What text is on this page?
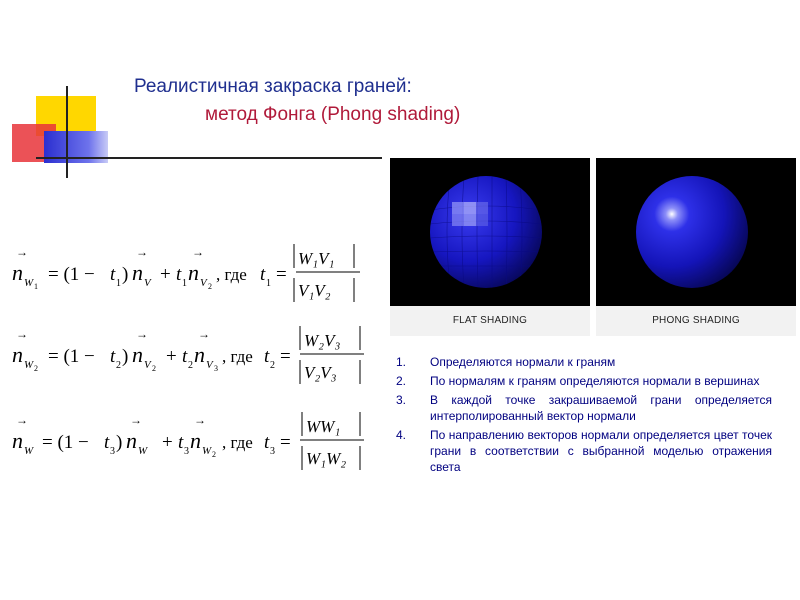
Реалистичная закраска граней:
метод Фонга (Phong shading)
n W 1
→
= (1 − t 1 ) n V
→
+ t 1 n V 2
→
, где t 1 =
W₁V₁
V₁V₂
n W 2
→
= (1 − t 2 ) n V 2
→
+ t 2 n V 3
→
, где t 2 =
W₂V₃
V₂V₃
n W
→
= (1 − t 3 ) n W
→
+ t 3 n W 2
→
, где t 3 =
WW₁
W₁W₂
FLAT SHADING	PHONG SHADING
1. Определяются нормали к граням
2. По нормалям к граням определяются нормали в вершинах
3. В каждой точке закрашиваемой грани определяется интерполированный вектор нормали
4. По направлению векторов нормали определяется цвет точек грани в соответствии с выбранной моделью отражения света
